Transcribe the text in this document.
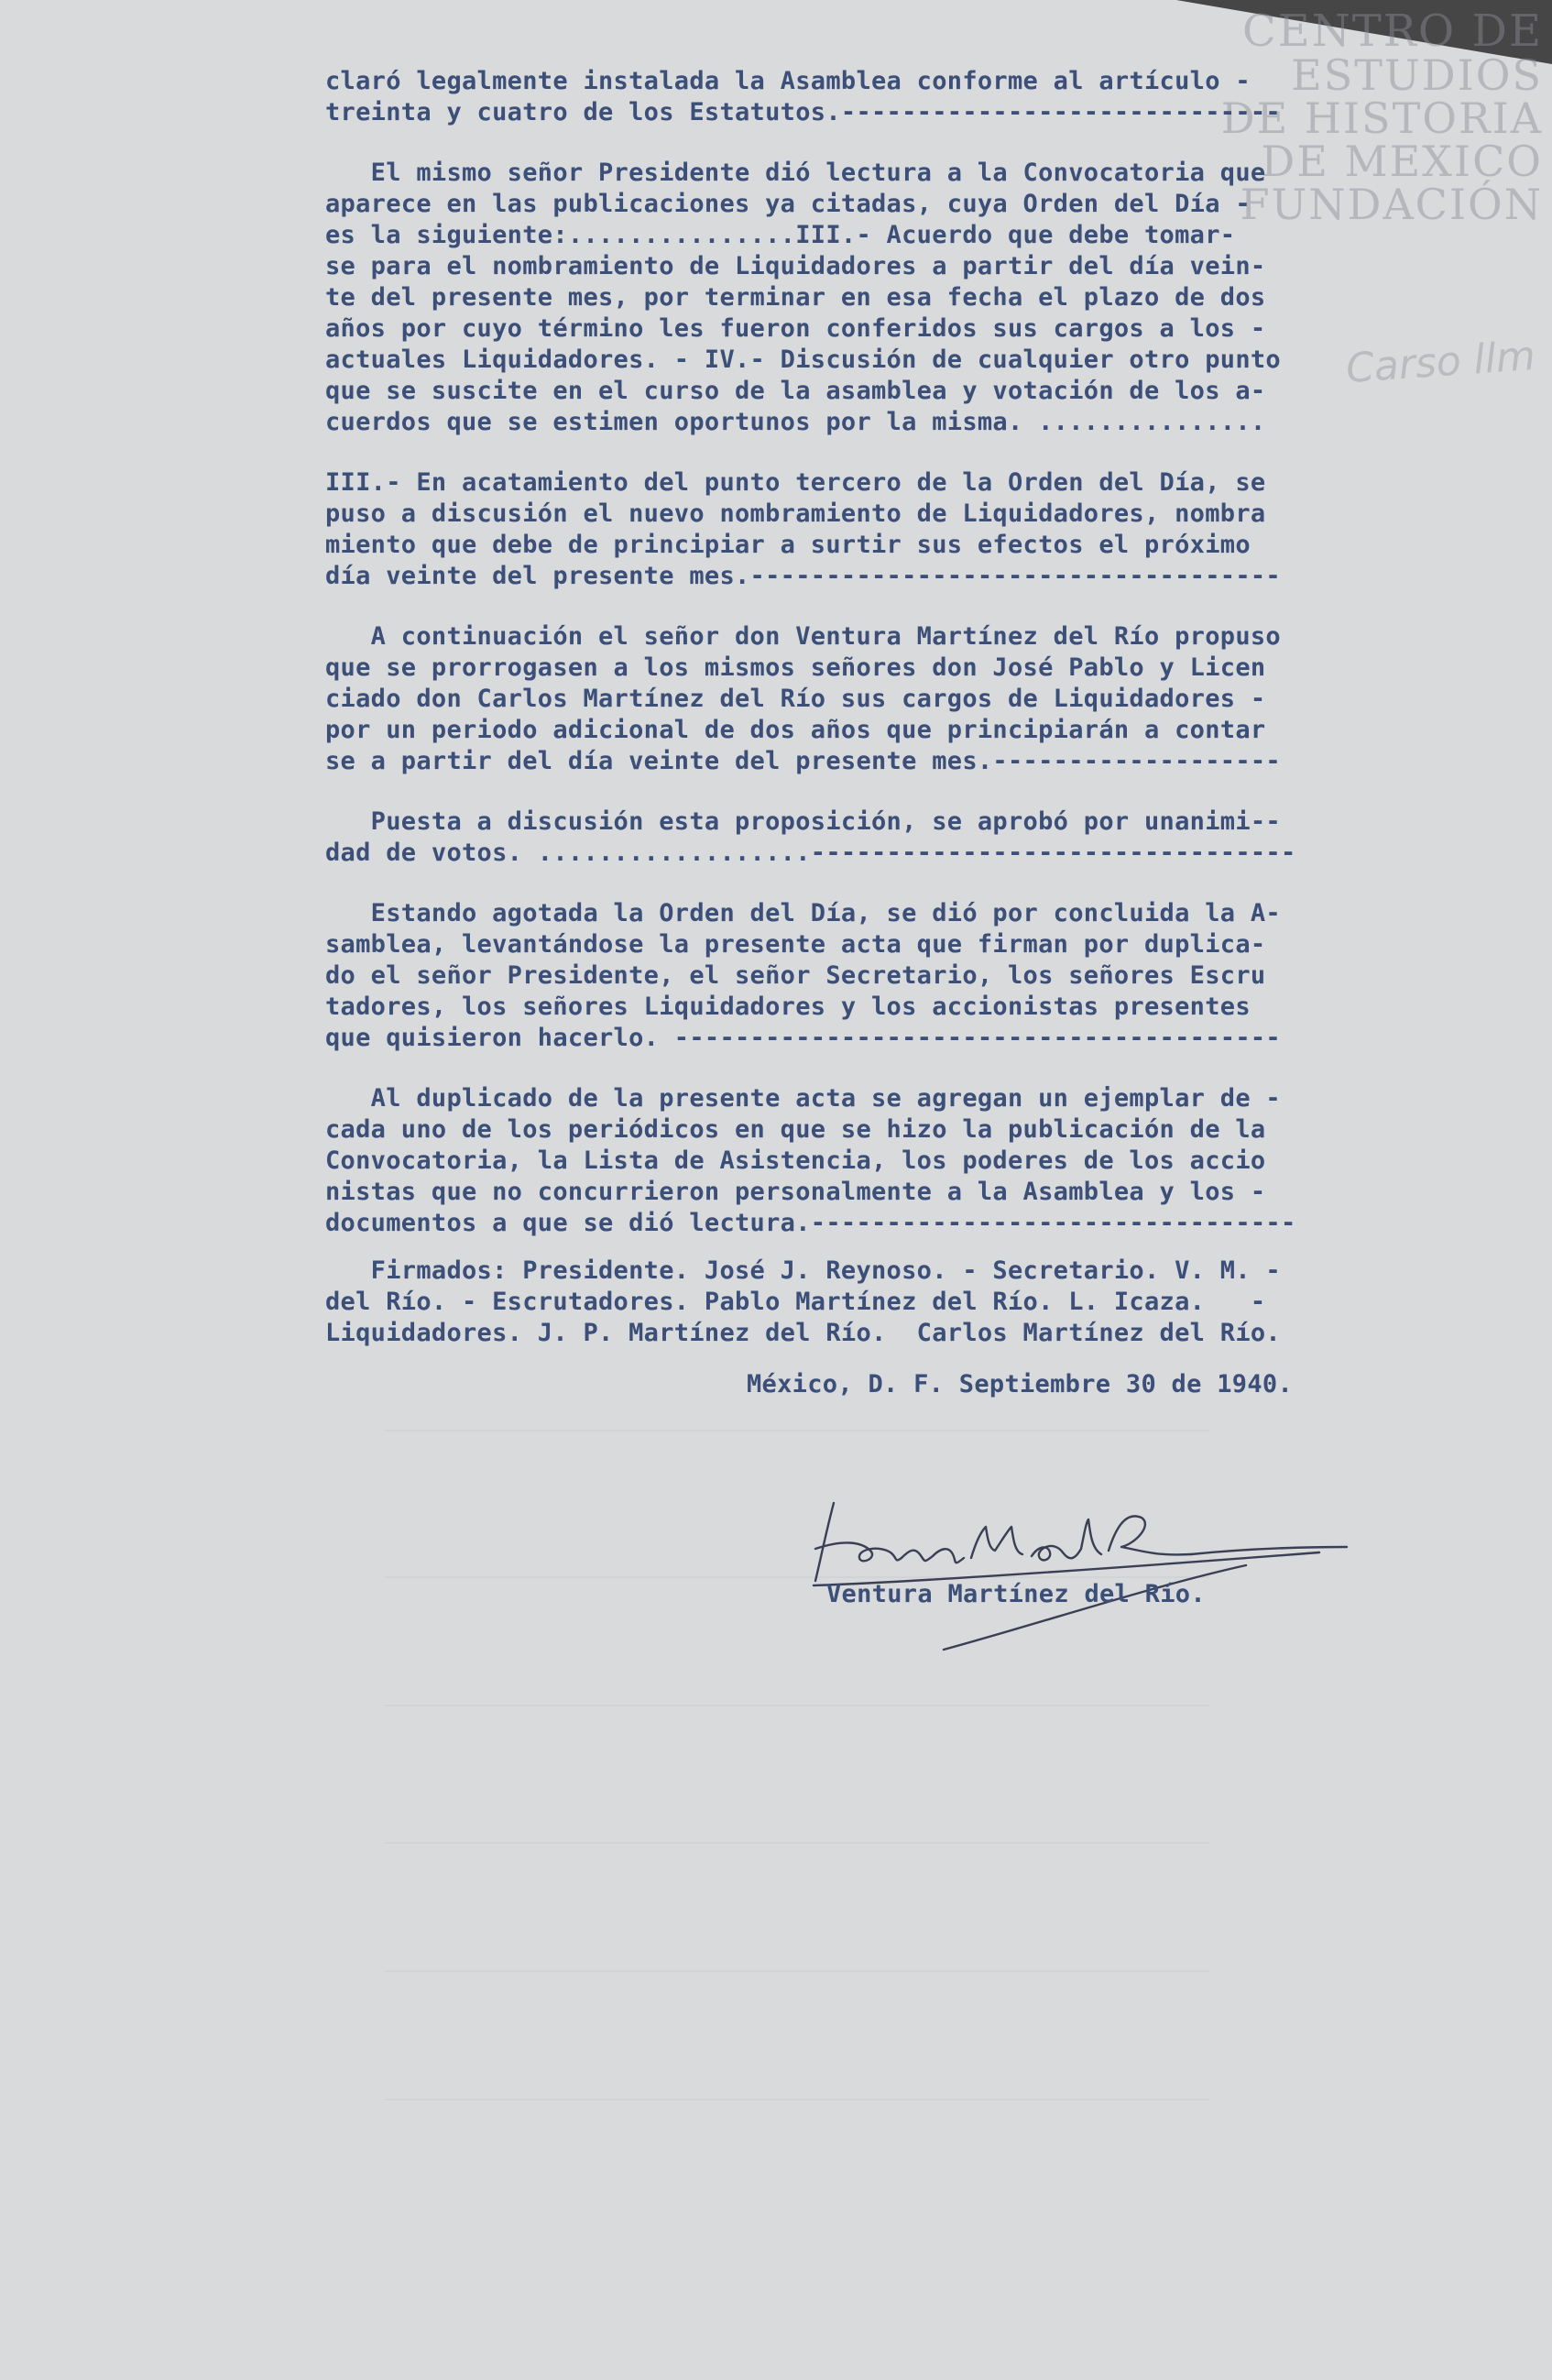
CENTRO DE
ESTUDIOS
DE HISTORIA
DE MEXICO
FUNDACIÓN
Carso llm
claró legalmente instalada la Asamblea conforme al artículo -
treinta y cuatro de los Estatutos.-----------------------------
El mismo señor Presidente dió lectura a la Convocatoria que
aparece en las publicaciones ya citadas, cuya Orden del Día -
es la siguiente:...............III.- Acuerdo que debe tomar-
se para el nombramiento de Liquidadores a partir del día vein-
te del presente mes, por terminar en esa fecha el plazo de dos
años por cuyo término les fueron conferidos sus cargos a los -
actuales Liquidadores. - IV.- Discusión de cualquier otro punto
que se suscite en el curso de la asamblea y votación de los a-
cuerdos que se estimen oportunos por la misma. ...............
III.- En acatamiento del punto tercero de la Orden del Día, se
puso a discusión el nuevo nombramiento de Liquidadores, nombra
miento que debe de principiar a surtir sus efectos el próximo
día veinte del presente mes.-----------------------------------
A continuación el señor don Ventura Martínez del Río propuso
que se prorrogasen a los mismos señores don José Pablo y Licen
ciado don Carlos Martínez del Río sus cargos de Liquidadores -
por un periodo adicional de dos años que principiarán a contar
se a partir del día veinte del presente mes.-------------------
Puesta a discusión esta proposición, se aprobó por unanimi--
dad de votos. ..................--------------------------------
Estando agotada la Orden del Día, se dió por concluida la A-
samblea, levantándose la presente acta que firman por duplica-
do el señor Presidente, el señor Secretario, los señores Escru
tadores, los señores Liquidadores y los accionistas presentes
que quisieron hacerlo. ----------------------------------------
Al duplicado de la presente acta se agregan un ejemplar de -
cada uno de los periódicos en que se hizo la publicación de la
Convocatoria, la Lista de Asistencia, los poderes de los accio
nistas que no concurrieron personalmente a la Asamblea y los -
documentos a que se dió lectura.--------------------------------
Firmados: Presidente. José J. Reynoso. - Secretario. V. M. -
del Río. - Escrutadores. Pablo Martínez del Río. L. Icaza.   -
Liquidadores. J. P. Martínez del Río.  Carlos Martínez del Río.
México, D. F. Septiembre 30 de 1940.
Ventura Martínez del Río.
